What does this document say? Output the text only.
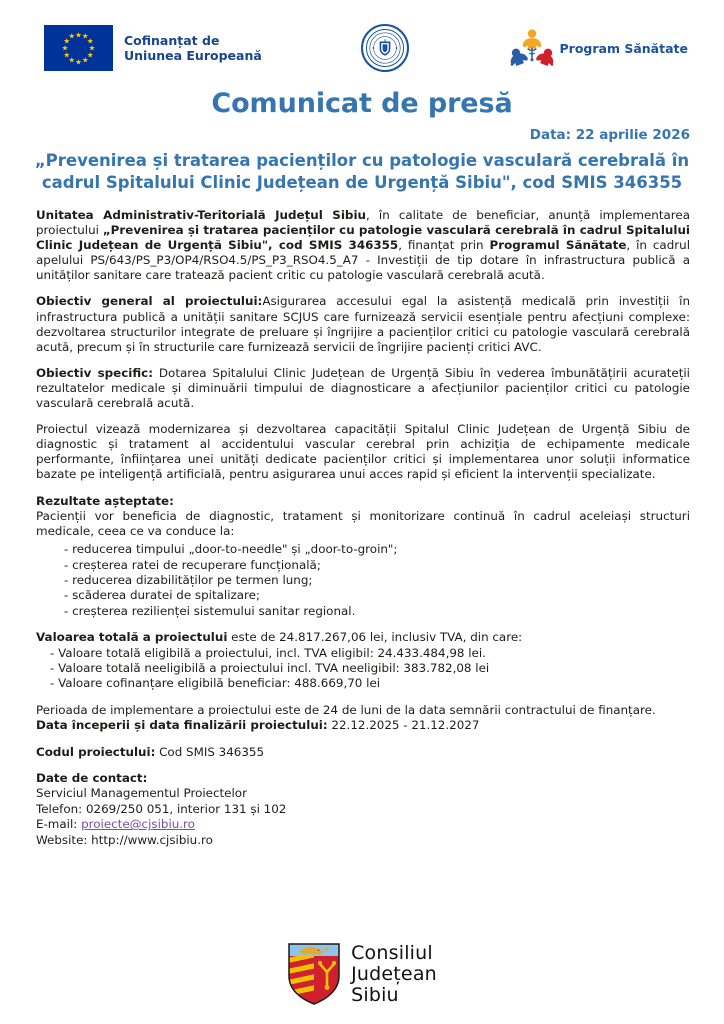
Cofinanțat de
Uniunea Europeană	Program Sănătate
Comunicat de presă
Data: 22 aprilie 2026
„Prevenirea și tratarea pacienților cu patologie vasculară cerebrală în cadrul Spitalului Clinic Județean de Urgență Sibiu", cod SMIS 346355

Unitatea Administrativ-Teritorială Județul Sibiu, în calitate de beneficiar, anunță implementarea proiectului „Prevenirea și tratarea pacienților cu patologie vasculară cerebrală în cadrul Spitalului Clinic Județean de Urgență Sibiu", cod SMIS 346355, finanțat prin Programul Sănătate, în cadrul apelului PS/643/PS_P3/OP4/RSO4.5/PS_P3_RSO4.5_A7 - Investiții de tip dotare în infrastructura publică a unităților sanitare care tratează pacient critic cu patologie vasculară cerebrală acută.

Obiectiv general al proiectului:Asigurarea accesului egal la asistență medicală prin investiții în infrastructura publică a unității sanitare SCJUS care furnizează servicii esențiale pentru afecțiuni complexe: dezvoltarea structurilor integrate de preluare și îngrijire a pacienților critici cu patologie vasculară cerebrală acută, precum și în structurile care furnizează servicii de îngrijire pacienți critici AVC.

Obiectiv specific: Dotarea Spitalului Clinic Județean de Urgență Sibiu în vederea îmbunătățirii acurateții rezultatelor medicale și diminuării timpului de diagnosticare a afecțiunilor pacienților critici cu patologie vasculară cerebrală acută.

Proiectul vizează modernizarea și dezvoltarea capacității Spitalul Clinic Județean de Urgență Sibiu de diagnostic și tratament al accidentului vascular cerebral prin achiziția de echipamente medicale performante, înființarea unei unități dedicate pacienților critici și implementarea unor soluții informatice bazate pe inteligență artificială, pentru asigurarea unui acces rapid și eficient la intervenții specializate.

Rezultate așteptate:

Pacienții vor beneficia de diagnostic, tratament și monitorizare continuă în cadrul aceleiași structuri medicale, ceea ce va conduce la:

- reducerea timpului „door-to-needle" și „door-to-groin";
- creșterea ratei de recuperare funcțională;
- reducerea dizabilităților pe termen lung;
- scăderea duratei de spitalizare;
- creșterea rezilienței sistemului sanitar regional.
Valoarea totală a proiectului este de 24.817.267,06 lei, inclusiv TVA, din care:
- Valoare totală eligibilă a proiectului, incl. TVA eligibil: 24.433.484,98 lei.
- Valoare totală neeligibilă a proiectului incl. TVA neeligibil: 383.782,08 lei
- Valoare cofinanțare eligibilă beneficiar: 488.669,70 lei
Perioada de implementare a proiectului este de 24 de luni de la data semnării contractului de finanțare.
Data începerii și data finalizării proiectului: 22.12.2025 - 21.12.2027
Codul proiectului: Cod SMIS 346355
Date de contact:
Serviciul Managementul Proiectelor
Telefon: 0269/250 051, interior 131 și 102
E-mail: proiecte@cjsibiu.ro
Website: http://www.cjsibiu.ro
Consiliul
Județean
Sibiu
